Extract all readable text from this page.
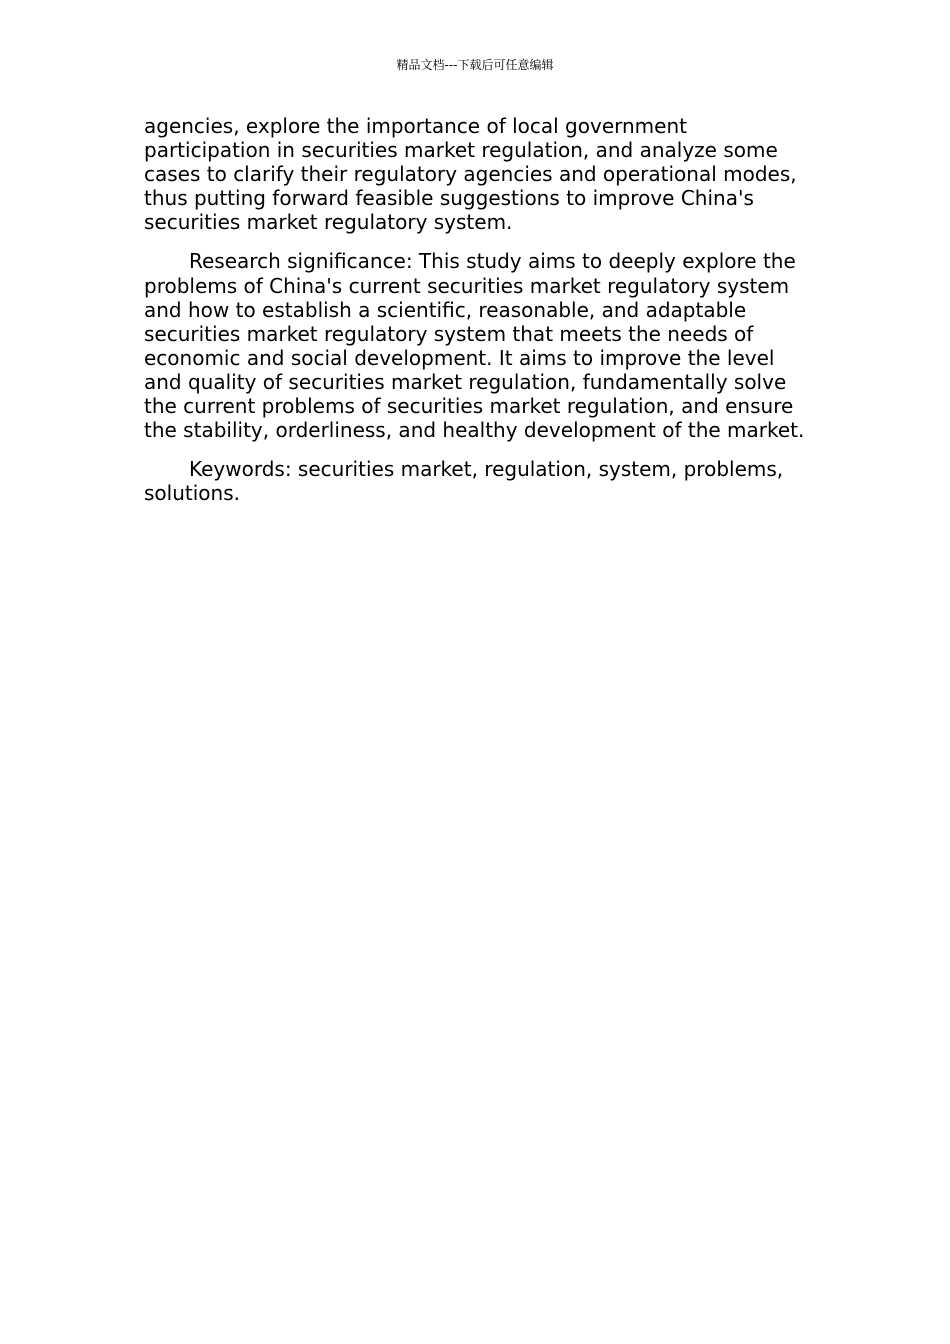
精品文档---下载后可任意编辑

agencies, explore the importance of local government participation in securities market regulation, and analyze some cases to clarify their regulatory agencies and operational modes, thus putting forward feasible suggestions to improve China's securities market regulatory system.

Research significance: This study aims to deeply explore the problems of China's current securities market regulatory system and how to establish a scientific, reasonable, and adaptable securities market regulatory system that meets the needs of economic and social development. It aims to improve the level and quality of securities market regulation, fundamentally solve the current problems of securities market regulation, and ensure the stability, orderliness, and healthy development of the market.

Keywords: securities market, regulation, system, problems, solutions.
